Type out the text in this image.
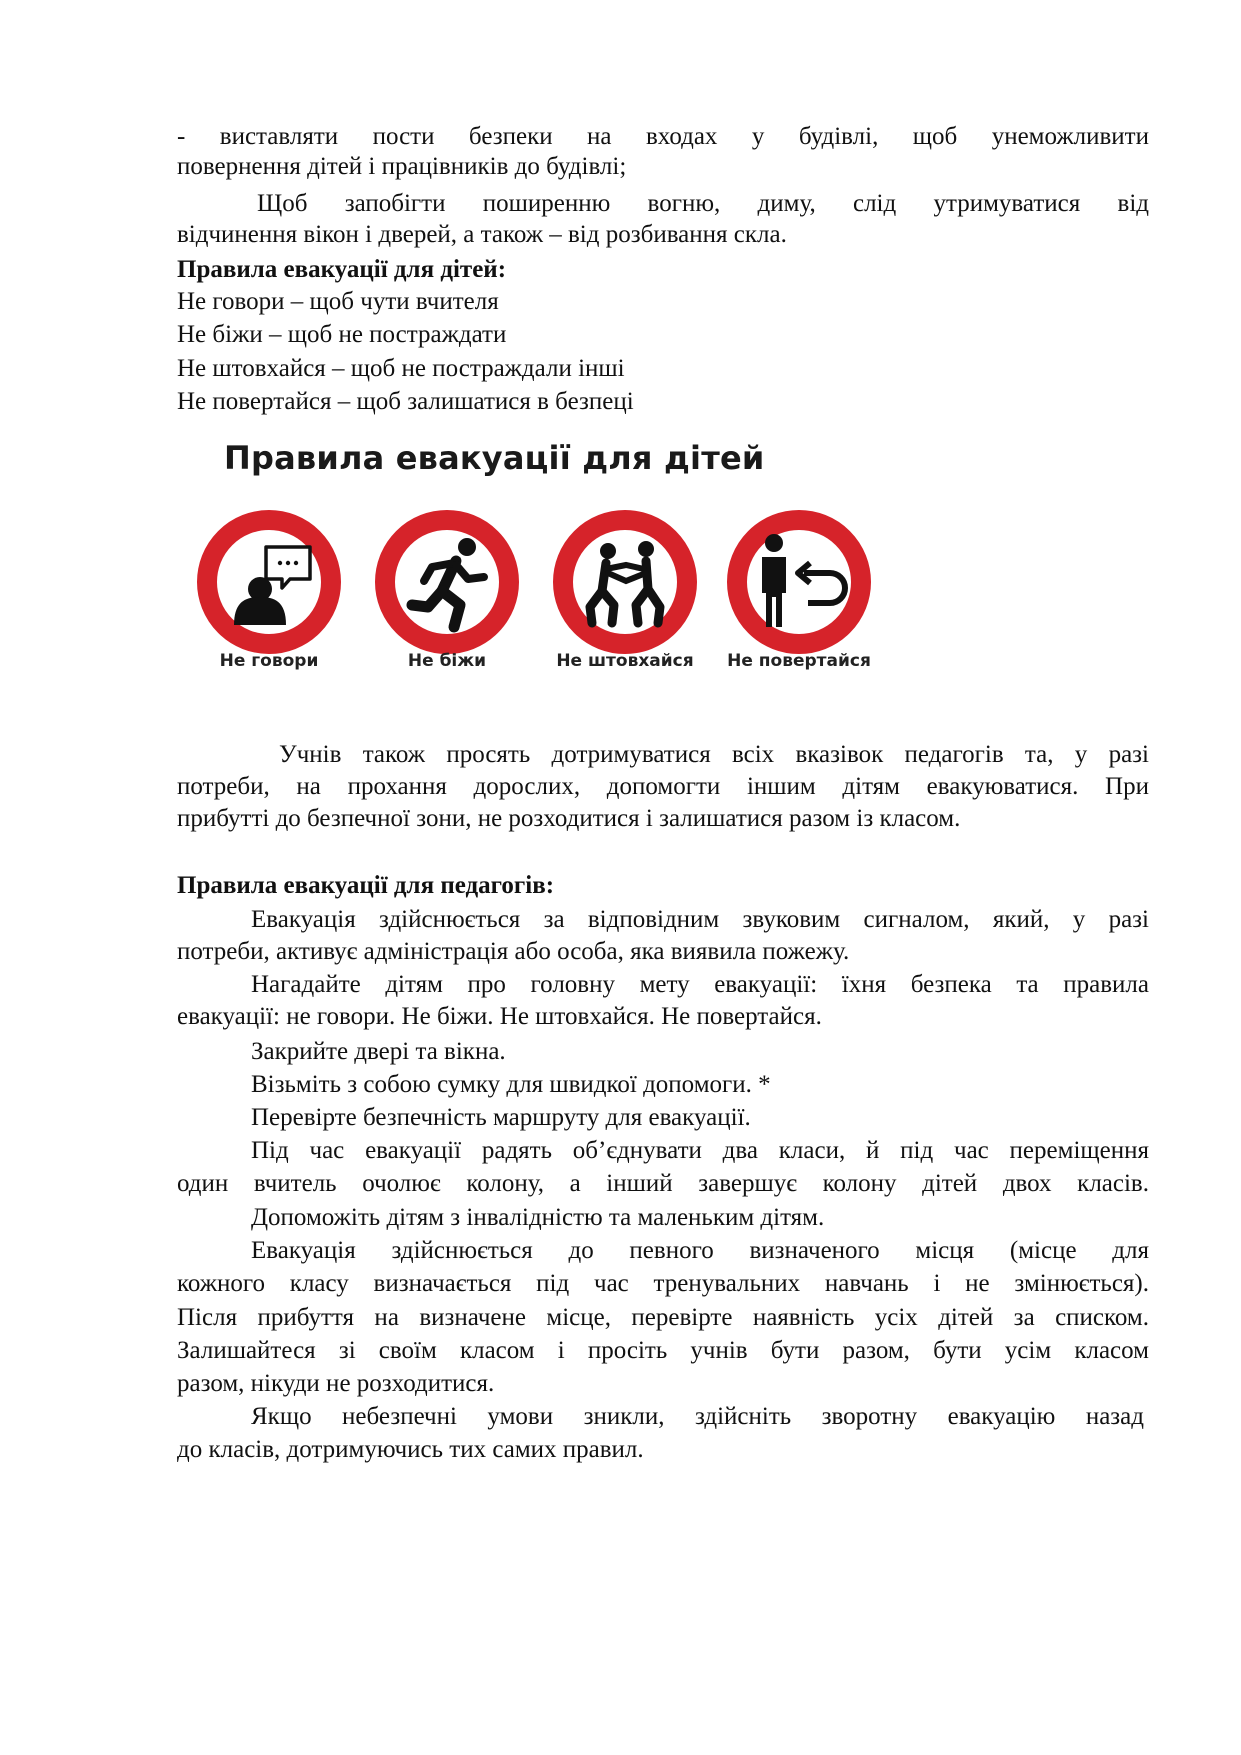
- виставляти пости безпеки на входах у будівлі, щоб унеможливити
повернення дітей і працівників до будівлі;
Щоб запобігти поширенню вогню, диму, слід утримуватися від
відчинення вікон і дверей, а також – від розбивання скла.
Правила евакуації для дітей:
Не говори – щоб чути вчителя
Не біжи – щоб не постраждати
Не штовхайся – щоб не постраждали інші
Не повертайся – щоб залишатися в безпеці
Правила евакуації для дітей
Не говори	Не біжи	Не штовхайся	Не повертайся
Учнів також просять дотримуватися всіх вказівок педагогів та, у разі
потреби, на прохання дорослих, допомогти іншим дітям евакуюватися. При
прибутті до безпечної зони, не розходитися і залишатися разом із класом.
Правила евакуації для педагогів:
Евакуація здійснюється за відповідним звуковим сигналом, який, у разі
потреби, активує адміністрація або особа, яка виявила пожежу.
Нагадайте дітям про головну мету евакуації: їхня безпека та правила
евакуації: не говори. Не біжи. Не штовхайся. Не повертайся.
Закрийте двері та вікна.
Візьміть з собою сумку для швидкої допомоги. *
Перевірте безпечність маршруту для евакуації.
Під час евакуації радять об’єднувати два класи, й під час переміщення
один вчитель очолює колону, а інший завершує колону дітей двох класів.
Допоможіть дітям з інвалідністю та маленьким дітям.
Евакуація здійснюється до певного визначеного місця (місце для
кожного класу визначається під час тренувальних навчань і не змінюється).
Після прибуття на визначене місце, перевірте наявність усіх дітей за списком.
Залишайтеся зі своїм класом і просіть учнів бути разом, бути усім класом
разом, нікуди не розходитися.
Якщо небезпечні умови зникли, здійсніть зворотну евакуацію назад
до класів, дотримуючись тих самих правил.
